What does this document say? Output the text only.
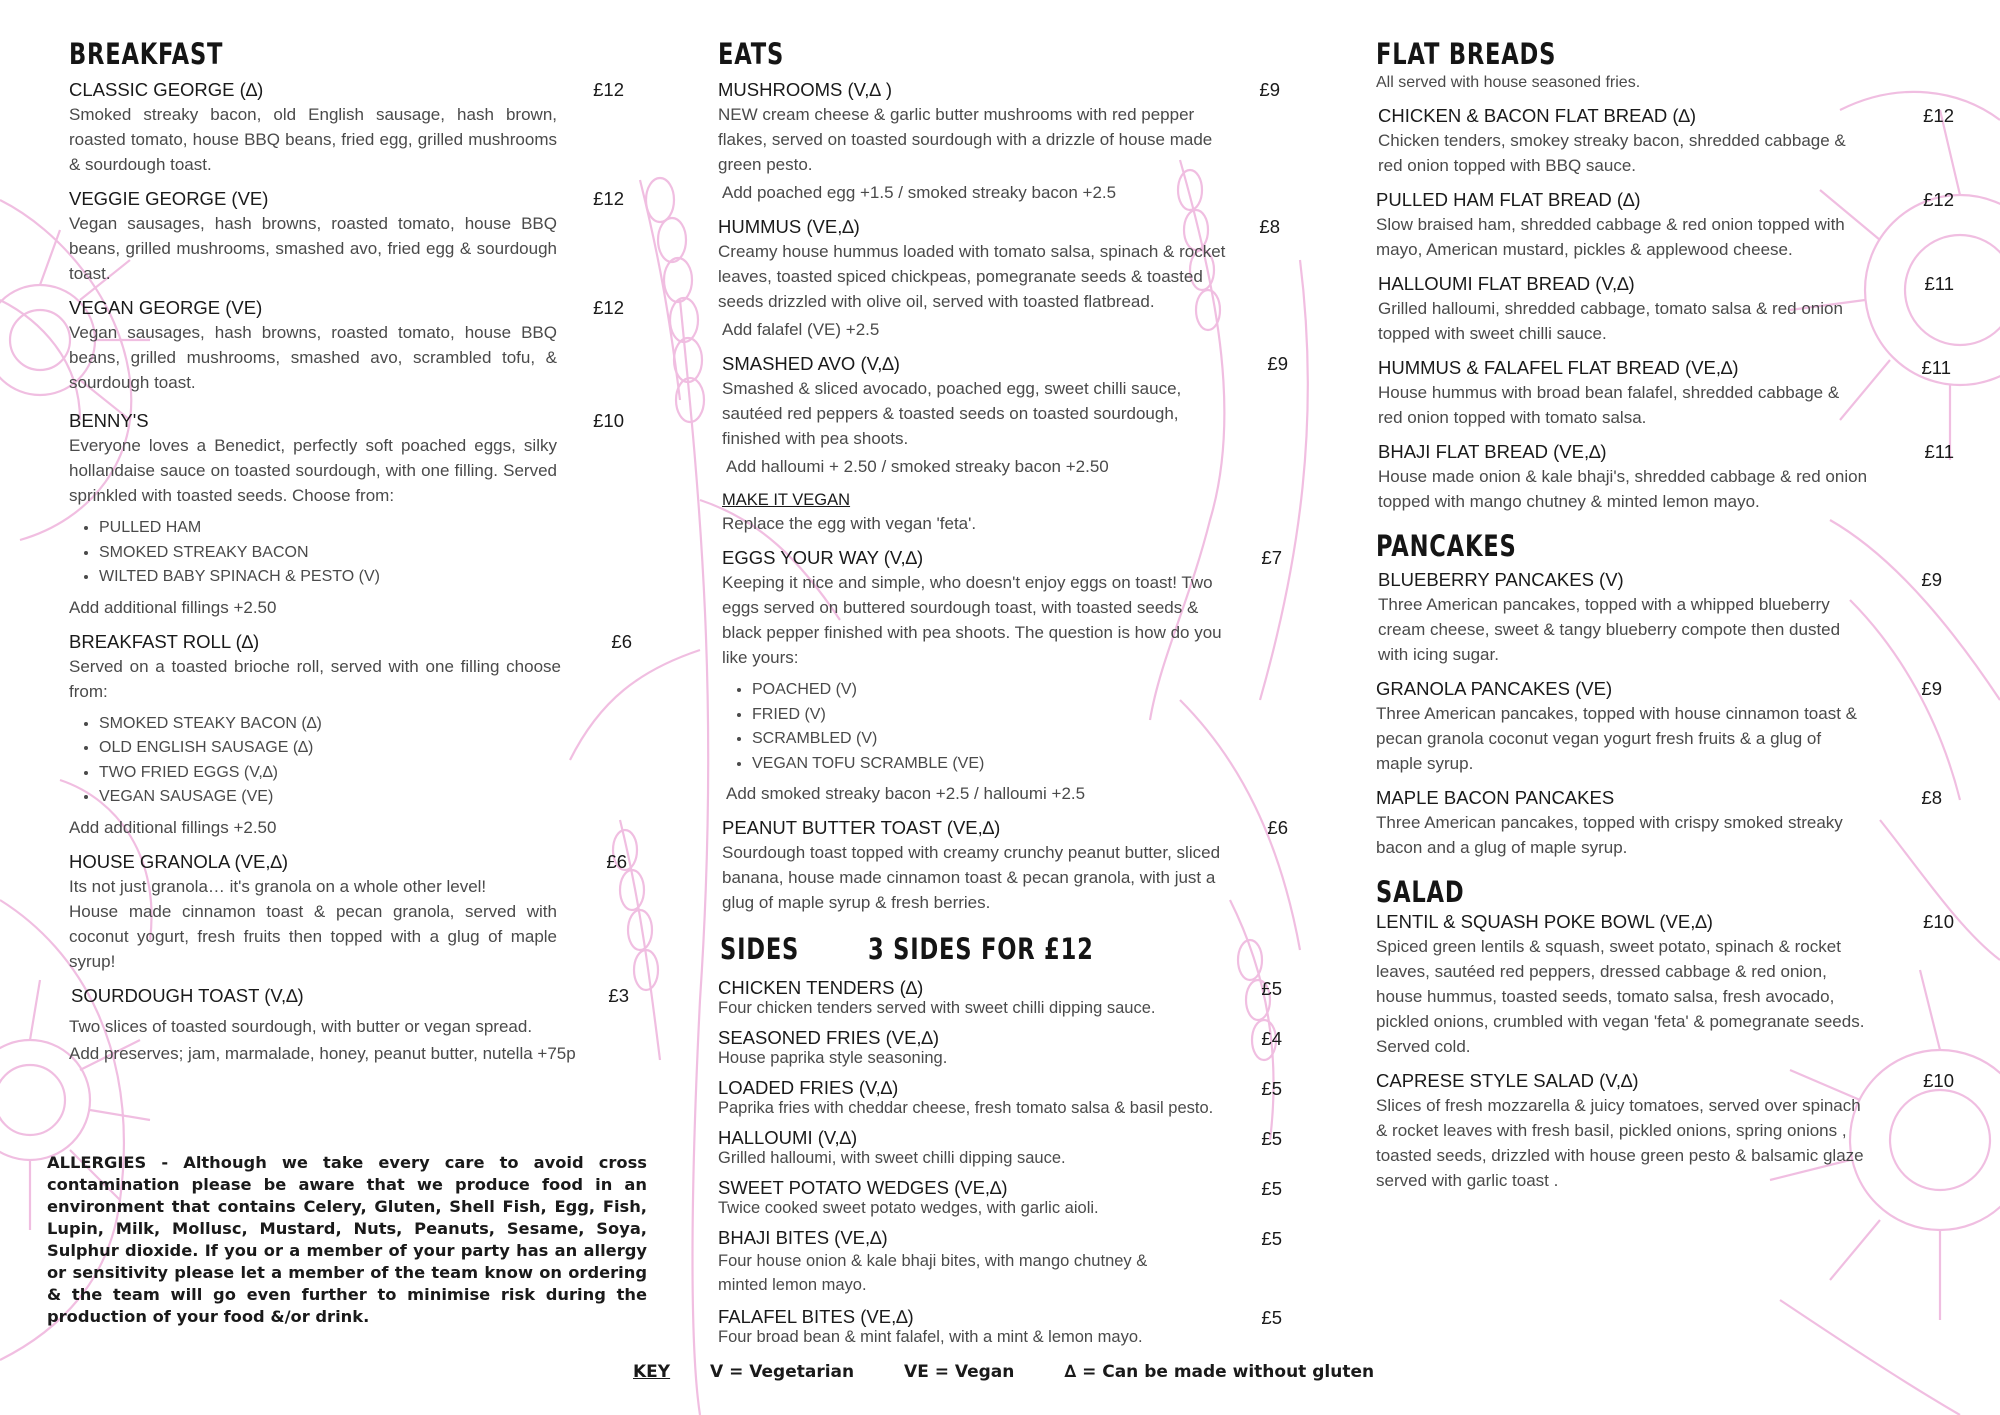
BREAKFAST
CLASSIC GEORGE (∆)	£12
Smoked streaky bacon, old English sausage, hash brown, roasted tomato, house BBQ beans, fried egg, grilled mushrooms & sourdough toast.
VEGGIE GEORGE (VE)	£12
Vegan sausages, hash browns, roasted tomato, house BBQ beans, grilled mushrooms, smashed avo, fried egg & sourdough toast.
VEGAN GEORGE (VE)	£12
Vegan sausages, hash browns, roasted tomato, house BBQ beans, grilled mushrooms, smashed avo, scrambled tofu, & sourdough toast.
BENNY'S	£10
Everyone loves a Benedict, perfectly soft poached eggs, silky hollandaise sauce on toasted sourdough, with one filling. Served sprinkled with toasted seeds. Choose from:
• PULLED HAM
• SMOKED STREAKY BACON
• WILTED BABY SPINACH & PESTO (V)
Add additional fillings +2.50
BREAKFAST ROLL (∆)	£6
Served on a toasted brioche roll, served with one filling choose from:
• SMOKED STEAKY BACON (∆)
• OLD ENGLISH SAUSAGE (∆)
• TWO FRIED EGGS (V,∆)
• VEGAN SAUSAGE (VE)
Add additional fillings +2.50
HOUSE GRANOLA (VE,∆)	£6
Its not just granola… it's granola on a whole other level!
House made cinnamon toast & pecan granola, served with coconut yogurt, fresh fruits then topped with a glug of maple syrup!
SOURDOUGH TOAST (V,∆)	£3
Two slices of toasted sourdough, with butter or vegan spread.
Add preserves; jam, marmalade, honey, peanut butter, nutella +75p
ALLERGIES - Although we take every care to avoid cross contamination please be aware that we produce food in an environment that contains Celery, Gluten, Shell Fish, Egg, Fish, Lupin, Milk, Mollusc, Mustard, Nuts, Peanuts, Sesame, Soya, Sulphur dioxide. If you or a member of your party has an allergy or sensitivity please let a member of the team know on ordering & the team will go even further to minimise risk during the production of your food &/or drink.
EATS
MUSHROOMS (V,∆ )	£9
NEW cream cheese & garlic butter mushrooms with red pepper flakes, served on toasted sourdough with a drizzle of house made green pesto.
Add poached egg +1.5 / smoked streaky bacon +2.5
HUMMUS (VE,∆)	£8
Creamy house hummus loaded with tomato salsa, spinach & rocket leaves, toasted spiced chickpeas, pomegranate seeds & toasted seeds drizzled with olive oil, served with toasted flatbread.
Add falafel (VE) +2.5
SMASHED AVO (V,∆)	£9
Smashed & sliced avocado, poached egg, sweet chilli sauce, sautéed red peppers & toasted seeds on toasted sourdough, finished with pea shoots.
Add halloumi + 2.50 / smoked streaky bacon +2.50
MAKE IT VEGAN
Replace the egg with vegan 'feta'.
EGGS YOUR WAY (V,∆)	£7
Keeping it nice and simple, who doesn't enjoy eggs on toast! Two eggs served on buttered sourdough toast, with toasted seeds & black pepper finished with pea shoots. The question is how do you like yours:
• POACHED (V)
• FRIED (V)
• SCRAMBLED (V)
• VEGAN TOFU SCRAMBLE (VE)
Add smoked streaky bacon +2.5 / halloumi +2.5
PEANUT BUTTER TOAST (VE,∆)	£6
Sourdough toast topped with creamy crunchy peanut butter, sliced banana, house made cinnamon toast & pecan granola, with just a glug of maple syrup & fresh berries.
SIDES 3 SIDES FOR £12
CHICKEN TENDERS (∆)	£5
Four chicken tenders served with sweet chilli dipping sauce.
SEASONED FRIES (VE,∆)	£4
House paprika style seasoning.
LOADED FRIES (V,∆)	£5
Paprika fries with cheddar cheese, fresh tomato salsa & basil pesto.
HALLOUMI (V,∆)	£5
Grilled halloumi, with sweet chilli dipping sauce.
SWEET POTATO WEDGES (VE,∆)	£5
Twice cooked sweet potato wedges, with garlic aioli.
BHAJI BITES (VE,∆)	£5
Four house onion & kale bhaji bites, with mango chutney & minted lemon mayo.
FALAFEL BITES (VE,∆)	£5
Four broad bean & mint falafel, with a mint & lemon mayo.
FLAT BREADS
All served with house seasoned fries.
CHICKEN & BACON FLAT BREAD (∆)	£12
Chicken tenders, smokey streaky bacon, shredded cabbage & red onion topped with BBQ sauce.
PULLED HAM FLAT BREAD (∆)	£12
Slow braised ham, shredded cabbage & red onion topped with mayo, American mustard, pickles & applewood cheese.
HALLOUMI FLAT BREAD (V,∆)	£11
Grilled halloumi, shredded cabbage, tomato salsa & red onion topped with sweet chilli sauce.
HUMMUS & FALAFEL FLAT BREAD (VE,∆)	£11
House hummus with broad bean falafel, shredded cabbage & red onion topped with tomato salsa.
BHAJI FLAT BREAD (VE,∆)	£11
House made onion & kale bhaji's, shredded cabbage & red onion topped with mango chutney & minted lemon mayo.
PANCAKES
BLUEBERRY PANCAKES (V)	£9
Three American pancakes, topped with a whipped blueberry cream cheese, sweet & tangy blueberry compote then dusted with icing sugar.
GRANOLA PANCAKES (VE)	£9
Three American pancakes, topped with house cinnamon toast & pecan granola coconut vegan yogurt fresh fruits & a glug of maple syrup.
MAPLE BACON PANCAKES	£8
Three American pancakes, topped with crispy smoked streaky bacon and a glug of maple syrup.
SALAD
LENTIL & SQUASH POKE BOWL (VE,∆)	£10
Spiced green lentils & squash, sweet potato, spinach & rocket leaves, sautéed red peppers, dressed cabbage & red onion, house hummus, toasted seeds, tomato salsa, fresh avocado, pickled onions, crumbled with vegan 'feta' & pomegranate seeds. Served cold.
CAPRESE STYLE SALAD (V,∆)	£10
Slices of fresh mozzarella & juicy tomatoes, served over spinach & rocket leaves with fresh basil, pickled onions, spring onions , toasted seeds, drizzled with house green pesto & balsamic glaze served with garlic toast .
KEY V = Vegetarian	VE = Vegan	∆ = Can be made without gluten
